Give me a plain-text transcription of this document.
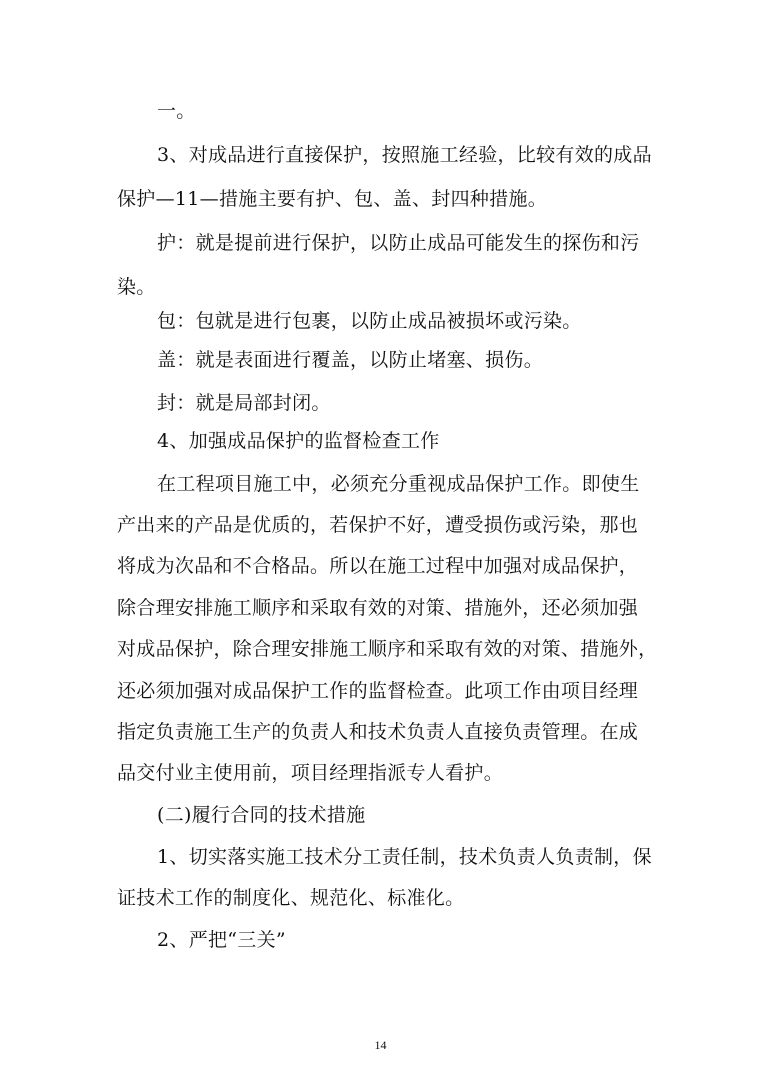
一。
3、对成品进行直接保护，按照施工经验，比较有效的成品
保护—11—措施主要有护、包、盖、封四种措施。
护：就是提前进行保护，以防止成品可能发生的探伤和污
染。
包：包就是进行包裹，以防止成品被损坏或污染。
盖：就是表面进行覆盖，以防止堵塞、损伤。
封：就是局部封闭。
4、加强成品保护的监督检查工作
在工程项目施工中，必须充分重视成品保护工作。即使生
产出来的产品是优质的，若保护不好，遭受损伤或污染，那也
将成为次品和不合格品。所以在施工过程中加强对成品保护，
除合理安排施工顺序和采取有效的对策、措施外，还必须加强
对成品保护，除合理安排施工顺序和采取有效的对策、措施外，
还必须加强对成品保护工作的监督检查。此项工作由项目经理
指定负责施工生产的负责人和技术负责人直接负责管理。在成
品交付业主使用前，项目经理指派专人看护。
(二)履行合同的技术措施
1、切实落实施工技术分工责任制，技术负责人负责制，保
证技术工作的制度化、规范化、标准化。
2、严把“三关”
14
